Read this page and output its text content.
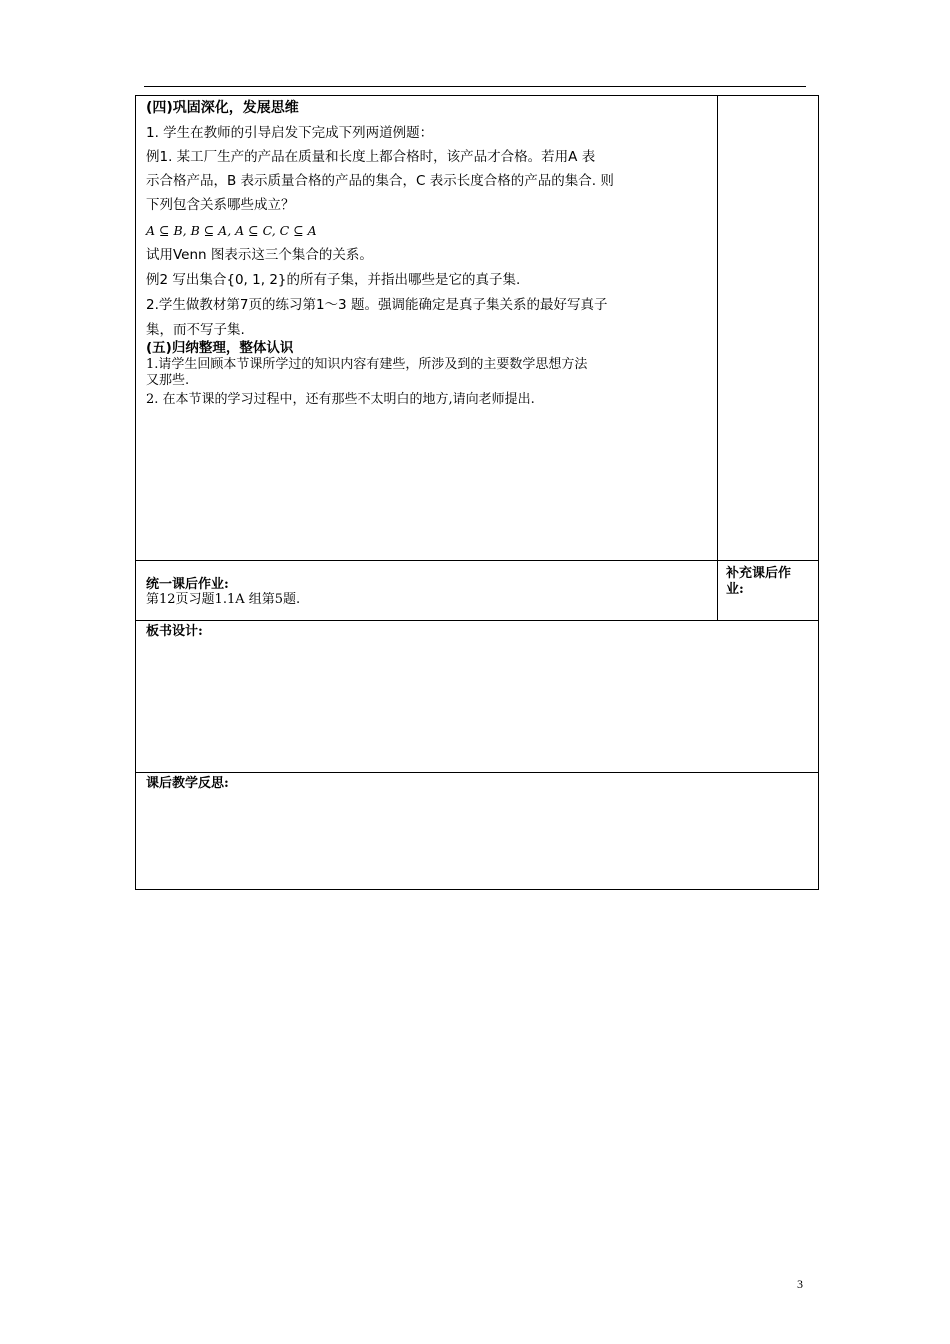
(四)巩固深化，发展思维
1. 学生在教师的引导启发下完成下列两道例题：
例1. 某工厂生产的产品在质量和长度上都合格时，该产品才合格。若用A 表
示合格产品，B 表示质量合格的产品的集合，C 表示长度合格的产品的集合. 则
下列包含关系哪些成立？
A ⊆ B, B ⊆ A, A ⊆ C, C ⊆ A
试用Venn 图表示这三个集合的关系。
例2 写出集合{0, 1, 2}的所有子集，并指出哪些是它的真子集.
2.学生做教材第7页的练习第1～3 题。强调能确定是真子集关系的最好写真子
集，而不写子集.
(五)归纳整理，整体认识
1.请学生回顾本节课所学过的知识内容有建些，所涉及到的主要数学思想方法
又那些.
2. 在本节课的学习过程中，还有那些不太明白的地方,请向老师提出.
统一课后作业:
第12页习题1.1A 组第5题.
补充课后作
业:
板书设计:
课后教学反思:
3
